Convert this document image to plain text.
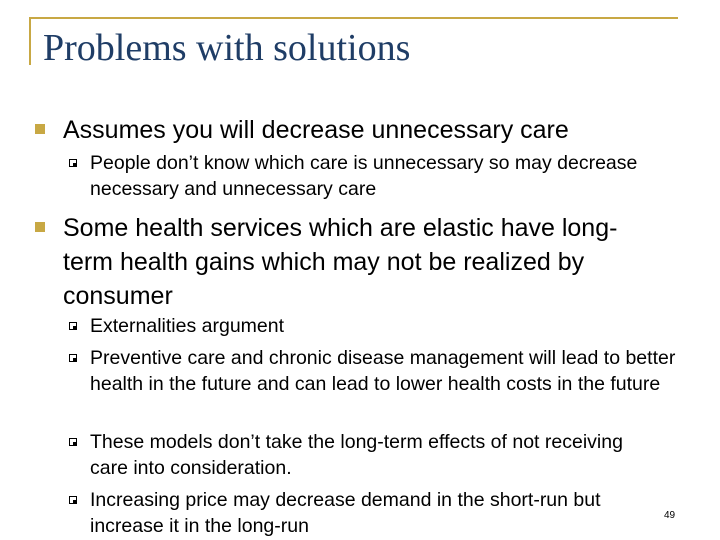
Problems with solutions
Assumes you will decrease unnecessary care
People don’t know which care is unnecessary so may decrease necessary and unnecessary care
Some health services which are elastic have long-term health gains which may not be realized by consumer
Externalities argument
Preventive care and chronic disease management will lead to better health in the future and can lead to lower health costs in the future
These models don’t take the long-term effects of not receiving care into consideration.
Increasing price may decrease demand in the short-run but increase it in the long-run	49
